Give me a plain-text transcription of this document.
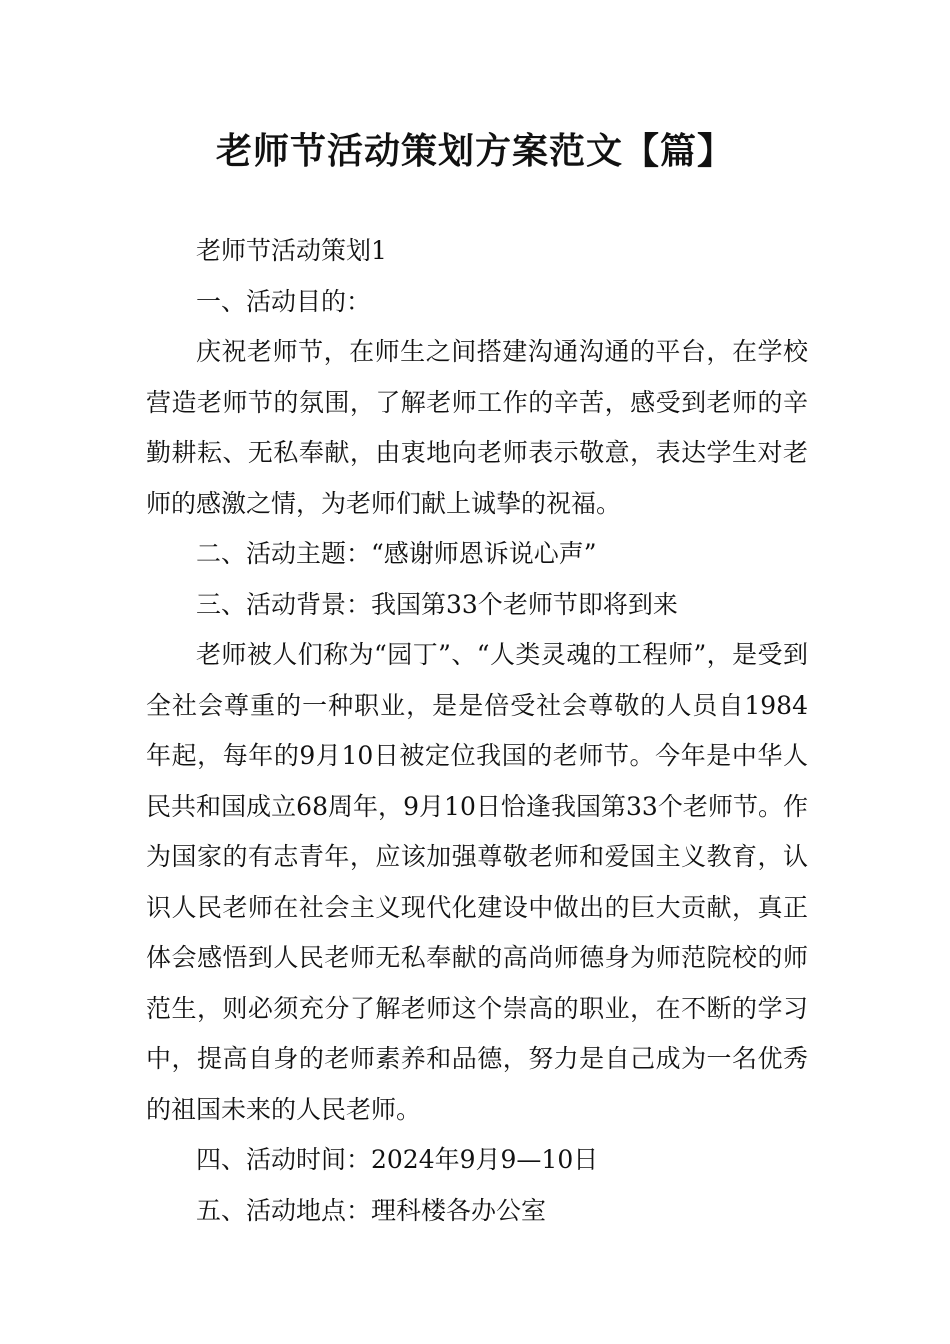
老师节活动策划方案范文【篇】

老师节活动策划1

一、活动目的：

庆祝老师节，在师生之间搭建沟通沟通的平台，在学校营造老师节的氛围，了解老师工作的辛苦，感受到老师的辛勤耕耘、无私奉献，由衷地向老师表示敬意，表达学生对老师的感激之情，为老师们献上诚挚的祝福。

二、活动主题：“感谢师恩诉说心声”

三、活动背景：我国第33个老师节即将到来

老师被人们称为“园丁”、“人类灵魂的工程师”，是受到全社会尊重的一种职业，是是倍受社会尊敬的人员自1984年起，每年的9月10日被定位我国的老师节。今年是中华人民共和国成立68周年，9月10日恰逢我国第33个老师节。作为国家的有志青年，应该加强尊敬老师和爱国主义教育，认识人民老师在社会主义现代化建设中做出的巨大贡献，真正体会感悟到人民老师无私奉献的高尚师德身为师范院校的师范生，则必须充分了解老师这个崇高的职业，在不断的学习中，提高自身的老师素养和品德，努力是自己成为一名优秀的祖国未来的人民老师。

四、活动时间：2024年9月9—10日

五、活动地点：理科楼各办公室
